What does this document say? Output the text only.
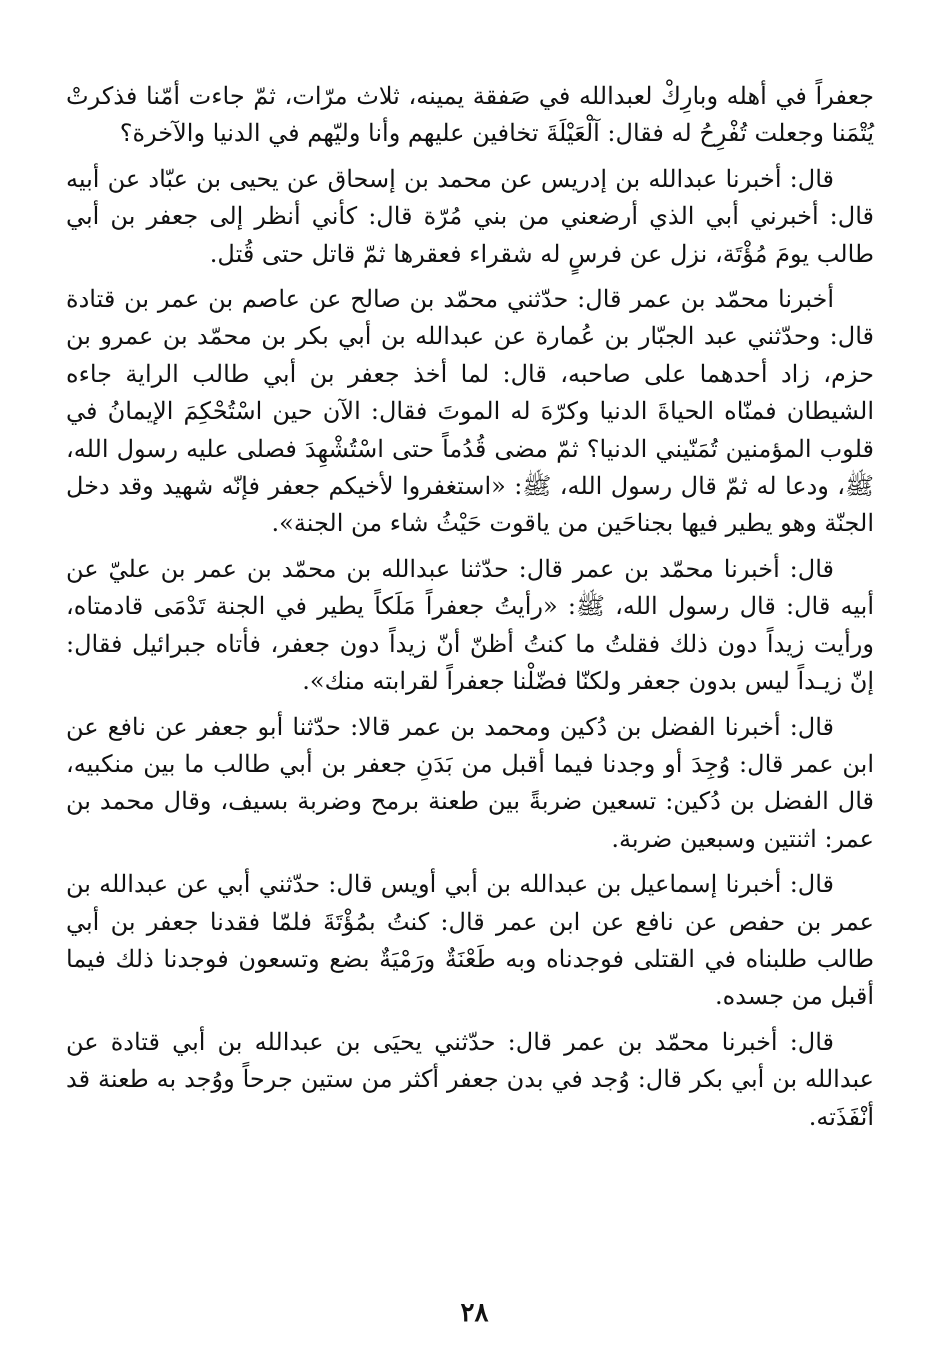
جعفراً في أهله وبارِكْ لعبدالله في صَفقة يمينه، ثلاث مرّات، ثمّ جاءت أمّنا فذكرتْ يُتْمَنا وجعلت تُفْرِحُ له فقال: آلْعَيْلَةَ تخافين عليهم وأنا وليّهم في الدنيا والآخرة؟

قال: أخبرنا عبدالله بن إدريس عن محمد بن إسحاق عن يحيى بن عبّاد عن أبيه قال: أخبرني أبي الذي أرضعني من بني مُرّة قال: كأني أنظر إلى جعفر بن أبي طالب يومَ مُؤْتَة، نزل عن فرسٍ له شقراء فعقرها ثمّ قاتل حتى قُتل.

أخبرنا محمّد بن عمر قال: حدّثني محمّد بن صالح عن عاصم بن عمر بن قتادة قال: وحدّثني عبد الجبّار بن عُمارة عن عبدالله بن أبي بكر بن محمّد بن عمرو بن حزم، زاد أحدهما على صاحبه، قال: لما أخذ جعفر بن أبي طالب الراية جاءه الشيطان فمنّاه الحياةَ الدنيا وكرّهَ له الموتَ فقال: الآن حين اسْتُحْكِمَ الإيمانُ في قلوب المؤمنين تُمَنّيني الدنيا؟ ثمّ مضى قُدُماً حتى اسْتُشْهِدَ فصلى عليه رسول الله، ﷺ، ودعا له ثمّ قال رسول الله، ﷺ: «استغفروا لأخيكم جعفر فإنّه شهيد وقد دخل الجنّة وهو يطير فيها بجناحَين من ياقوت حَيْثُ شاء من الجنة».

قال: أخبرنا محمّد بن عمر قال: حدّثنا عبدالله بن محمّد بن عمر بن عليّ عن أبيه قال: قال رسول الله، ﷺ: «رأيتُ جعفراً مَلَكاً يطير في الجنة تَدْمَى قادمتاه، ورأيت زيداً دون ذلك فقلتُ ما كنتُ أظنّ أنّ زيداً دون جعفر، فأتاه جبرائيل فقال: إنّ زيـداً ليس بدون جعفر ولكنّا فضّلْنا جعفراً لقرابته منك».

قال: أخبرنا الفضل بن دُكين ومحمد بن عمر قالا: حدّثنا أبو جعفر عن نافع عن ابن عمر قال: وُجِدَ أو وجدنا فيما أقبل من بَدَنِ جعفر بن أبي طالب ما بين منكبيه، قال الفضل بن دُكين: تسعين ضربةً بين طعنة برمح وضربة بسيف، وقال محمد بن عمر: اثنتين وسبعين ضربة.

قال: أخبرنا إسماعيل بن عبدالله بن أبي أويس قال: حدّثني أبي عن عبدالله بن عمر بن حفص عن نافع عن ابن عمر قال: كنتُ بمُؤْتَةَ فلمّا فقدنا جعفر بن أبي طالب طلبناه في القتلى فوجدناه وبه طَعْنَةٌ ورَمْيَةٌ بضع وتسعون فوجدنا ذلك فيما أقبل من جسده.

قال: أخبرنا محمّد بن عمر قال: حدّثني يحيَى بن عبدالله بن أبي قتادة عن عبدالله بن أبي بكر قال: وُجد في بدن جعفر أكثر من ستين جرحاً ووُجد به طعنة قد أنْفَذَته.

٢٨
